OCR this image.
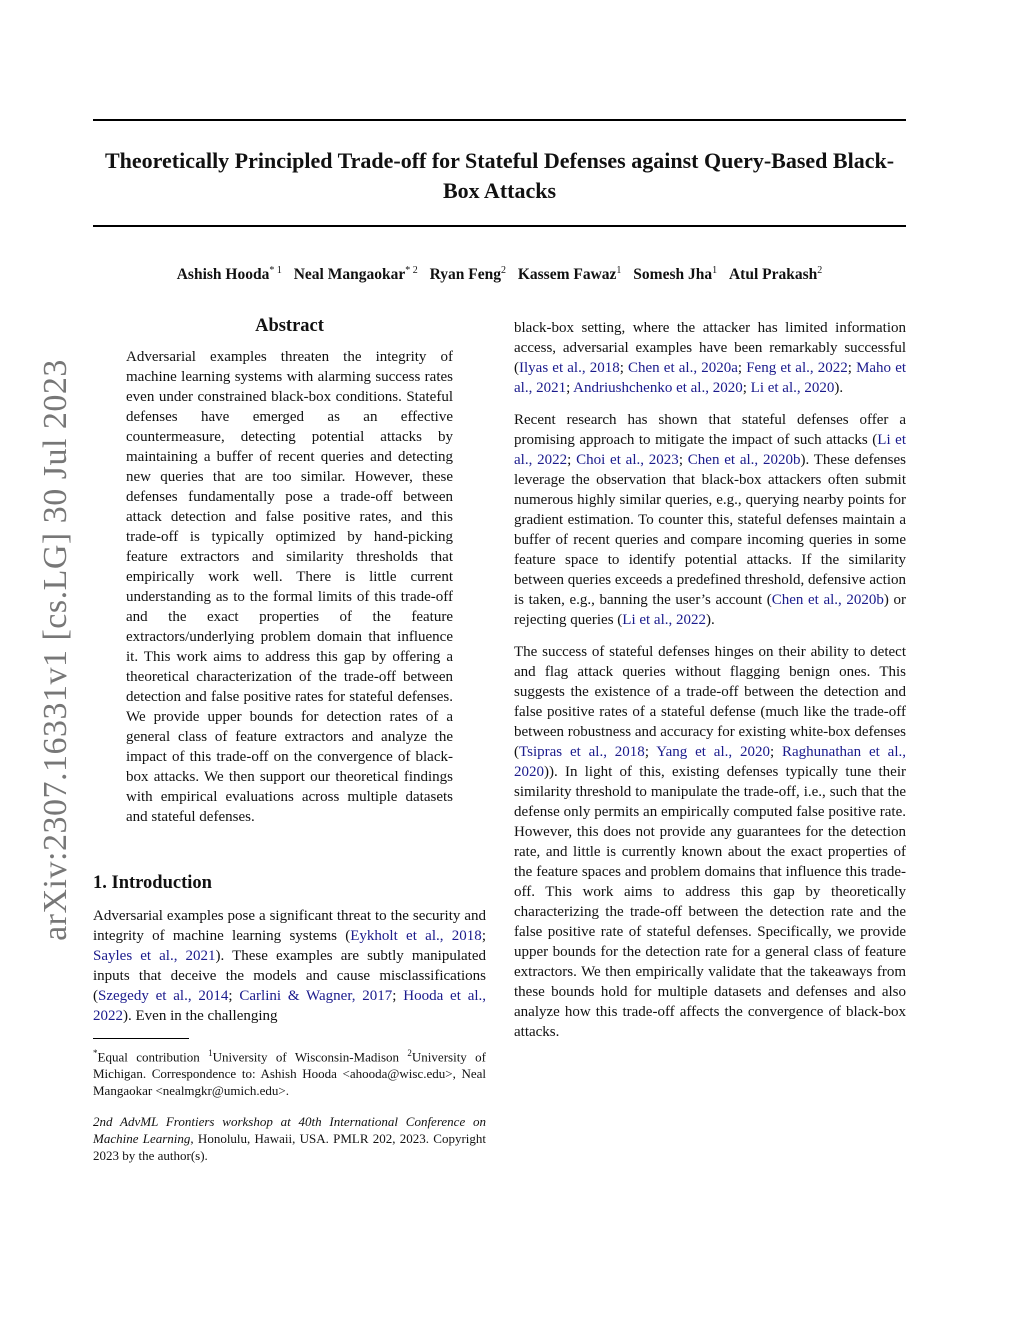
Theoretically Principled Trade-off for Stateful Defenses against Query-Based Black-Box Attacks
Ashish Hooda$^{* 1}$ Neal Mangaokar$^{* 2}$ Ryan Feng$^2$ Kassem Fawaz$^1$ Somesh Jha$^1$ Atul Prakash$^2$
arXiv:2307.16331v1 [cs.LG] 30 Jul 2023
Abstract
Adversarial examples threaten the integrity of machine learning systems with alarming success rates even under constrained black-box conditions. Stateful defenses have emerged as an effective countermeasure, detecting potential attacks by maintaining a buffer of recent queries and detecting new queries that are too similar. However, these defenses fundamentally pose a trade-off between attack detection and false positive rates, and this trade-off is typically optimized by hand-picking feature extractors and similarity thresholds that empirically work well. There is little current understanding as to the formal limits of this trade-off and the exact properties of the feature extractors/underlying problem domain that influence it. This work aims to address this gap by offering a theoretical characterization of the trade-off between detection and false positive rates for stateful defenses. We provide upper bounds for detection rates of a general class of feature extractors and analyze the impact of this trade-off on the convergence of black-box attacks. We then support our theoretical findings with empirical evaluations across multiple datasets and stateful defenses.
1. Introduction

Adversarial examples pose a significant threat to the security and integrity of machine learning systems (Eykholt et al., 2018; Sayles et al., 2021). These examples are subtly manipulated inputs that deceive the models and cause misclassifications (Szegedy et al., 2014; Carlini & Wagner, 2017; Hooda et al., 2022). Even in the challenging

*Equal contribution $^1$University of Wisconsin-Madison $^2$University of Michigan. Correspondence to: Ashish Hooda <ahooda@wisc.edu>, Neal Mangaokar <nealmgkr@umich.edu>.
2nd AdvML Frontiers workshop at 40th International Conference on Machine Learning, Honolulu, Hawaii, USA. PMLR 202, 2023. Copyright 2023 by the author(s).

black-box setting, where the attacker has limited information access, adversarial examples have been remarkably successful (Ilyas et al., 2018; Chen et al., 2020a; Feng et al., 2022; Maho et al., 2021; Andriushchenko et al., 2020; Li et al., 2020).

Recent research has shown that stateful defenses offer a promising approach to mitigate the impact of such attacks (Li et al., 2022; Choi et al., 2023; Chen et al., 2020b). These defenses leverage the observation that black-box attackers often submit numerous highly similar queries, e.g., querying nearby points for gradient estimation. To counter this, stateful defenses maintain a buffer of recent queries and compare incoming queries in some feature space to identify potential attacks. If the similarity between queries exceeds a predefined threshold, defensive action is taken, e.g., banning the user’s account (Chen et al., 2020b) or rejecting queries (Li et al., 2022).

The success of stateful defenses hinges on their ability to detect and flag attack queries without flagging benign ones. This suggests the existence of a trade-off between the detection and false positive rates of a stateful defense (much like the trade-off between robustness and accuracy for existing white-box defenses (Tsipras et al., 2018; Yang et al., 2020; Raghunathan et al., 2020)). In light of this, existing defenses typically tune their similarity threshold to manipulate the trade-off, i.e., such that the defense only permits an empirically computed false positive rate. However, this does not provide any guarantees for the detection rate, and little is currently known about the exact properties of the feature spaces and problem domains that influence this trade-off. This work aims to address this gap by theoretically characterizing the trade-off between the detection rate and the false positive rate of stateful defenses. Specifically, we provide upper bounds for the detection rate for a general class of feature extractors. We then empirically validate that the takeaways from these bounds hold for multiple datasets and defenses and also analyze how this trade-off affects the convergence of black-box attacks.
